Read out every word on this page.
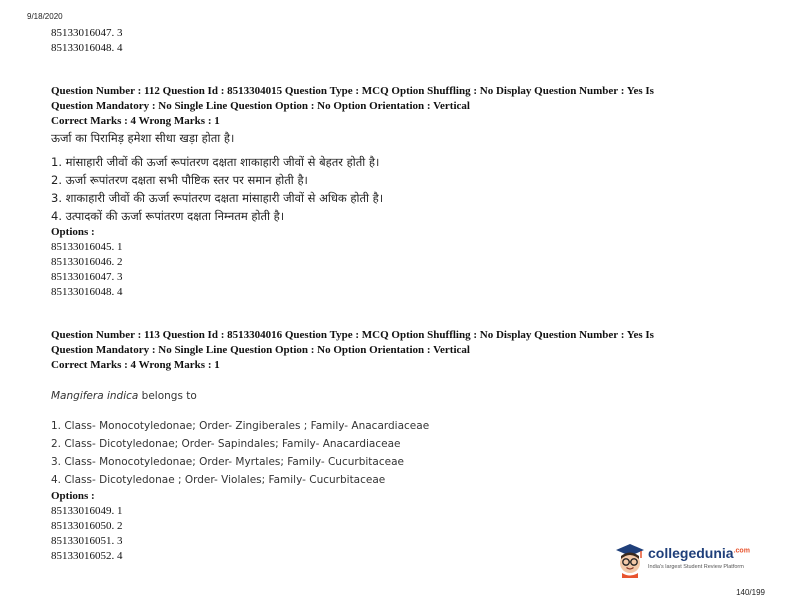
9/18/2020
85133016047. 3
85133016048. 4
Question Number : 112 Question Id : 8513304015 Question Type : MCQ Option Shuffling : No Display Question Number : Yes Is
Question Mandatory : No Single Line Question Option : No Option Orientation : Vertical
Correct Marks : 4 Wrong Marks : 1
ऊर्जा का पिरामिड़ हमेशा सीधा खड़ा होता है।
1. मांसाहारी जीवों की ऊर्जा रूपांतरण दक्षता शाकाहारी जीवों से बेहतर होती है।
2. ऊर्जा रूपांतरण दक्षता सभी पौष्टिक स्तर पर समान होती है।
3. शाकाहारी जीवों की ऊर्जा रूपांतरण दक्षता मांसाहारी जीवों से अधिक होती है।
4. उत्पादकों की ऊर्जा रूपांतरण दक्षता निम्नतम होती है।
Options :
85133016045. 1
85133016046. 2
85133016047. 3
85133016048. 4
Question Number : 113 Question Id : 8513304016 Question Type : MCQ Option Shuffling : No Display Question Number : Yes Is
Question Mandatory : No Single Line Question Option : No Option Orientation : Vertical
Correct Marks : 4 Wrong Marks : 1
Mangifera indica belongs to
1. Class- Monocotyledonae; Order- Zingiberales ; Family- Anacardiaceae
2. Class- Dicotyledonae; Order- Sapindales; Family- Anacardiaceae
3. Class- Monocotyledonae; Order- Myrtales; Family- Cucurbitaceae
4. Class- Dicotyledonae ; Order- Violales; Family- Cucurbitaceae
Options :
85133016049. 1
85133016050. 2
85133016051. 3
85133016052. 4	collegedunia$^{.com}$
India's largest Student Review Platform
140/199
